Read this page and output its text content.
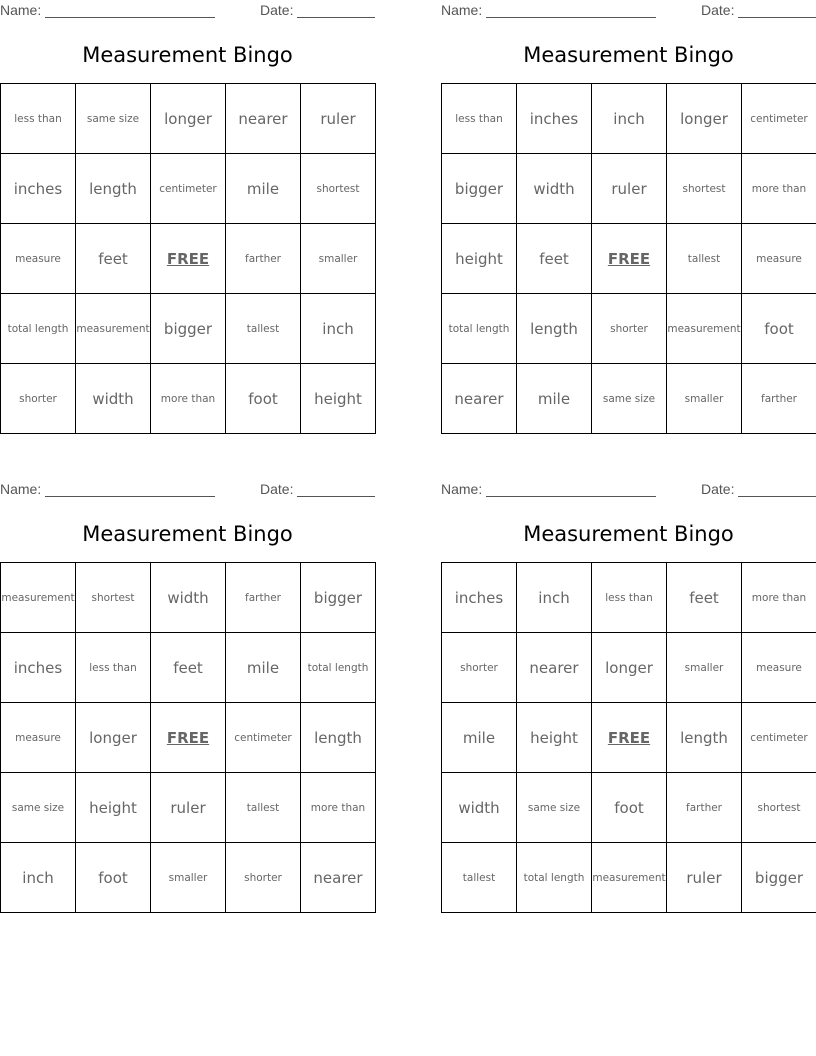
Name:	Date:
Measurement Bingo
less than	same size	longer	nearer	ruler
inches	length	centimeter	mile	shortest
measure	feet	FREE	farther	smaller
total length	measurement	bigger	tallest	inch
shorter	width	more than	foot	height
Name:	Date:
Measurement Bingo
less than	inches	inch	longer	centimeter
bigger	width	ruler	shortest	more than
height	feet	FREE	tallest	measure
total length	length	shorter	measurement	foot
nearer	mile	same size	smaller	farther
Name:	Date:
Measurement Bingo
measurement	shortest	width	farther	bigger
inches	less than	feet	mile	total length
measure	longer	FREE	centimeter	length
same size	height	ruler	tallest	more than
inch	foot	smaller	shorter	nearer
Name:	Date:
Measurement Bingo
inches	inch	less than	feet	more than
shorter	nearer	longer	smaller	measure
mile	height	FREE	length	centimeter
width	same size	foot	farther	shortest
tallest	total length	measurement	ruler	bigger
